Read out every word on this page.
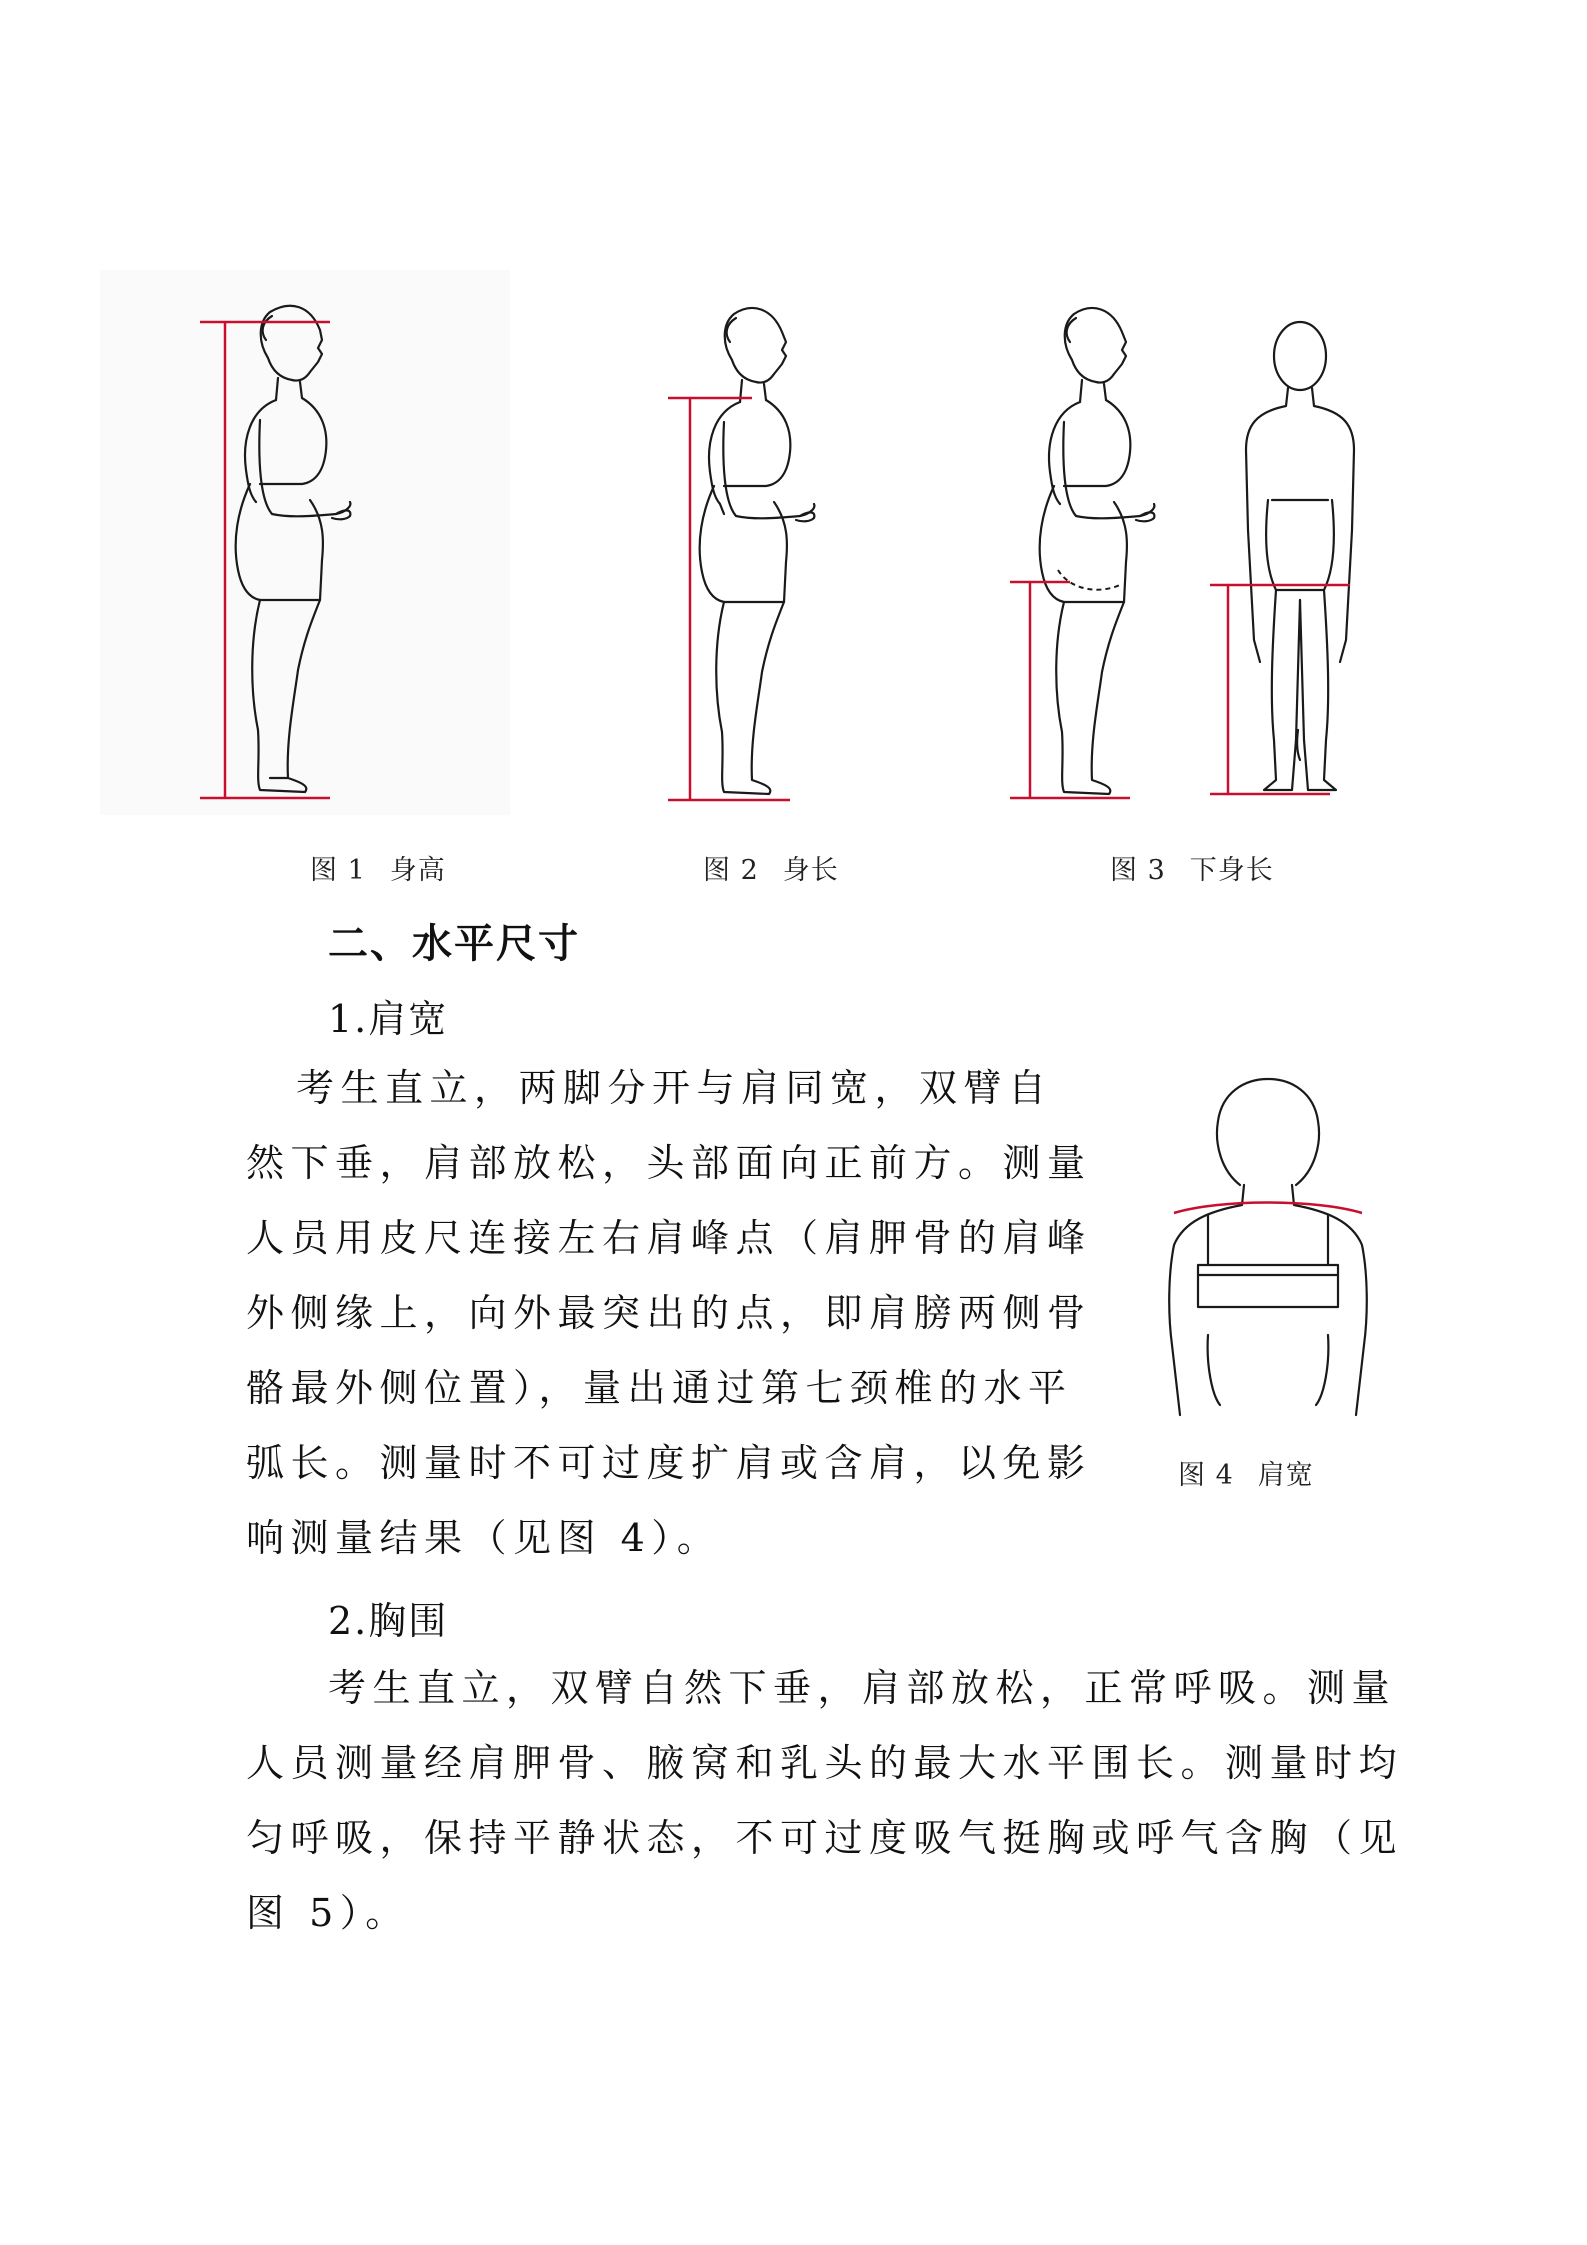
图 1 身高	图 2 身长	图 3 下身长
二、水平尺寸
1.肩宽
考生直立，两脚分开与肩同宽，双臂自
然下垂，肩部放松，头部面向正前方。测量
人员用皮尺连接左右肩峰点（肩胛骨的肩峰
外侧缘上，向外最突出的点，即肩膀两侧骨
骼最外侧位置），量出通过第七颈椎的水平
弧长。测量时不可过度扩肩或含肩，以免影
响测量结果（见图 4）。
图 4 肩宽
2.胸围
考生直立，双臂自然下垂，肩部放松，正常呼吸。测量
人员测量经肩胛骨、腋窝和乳头的最大水平围长。测量时均
匀呼吸，保持平静状态，不可过度吸气挺胸或呼气含胸（见
图 5）。
